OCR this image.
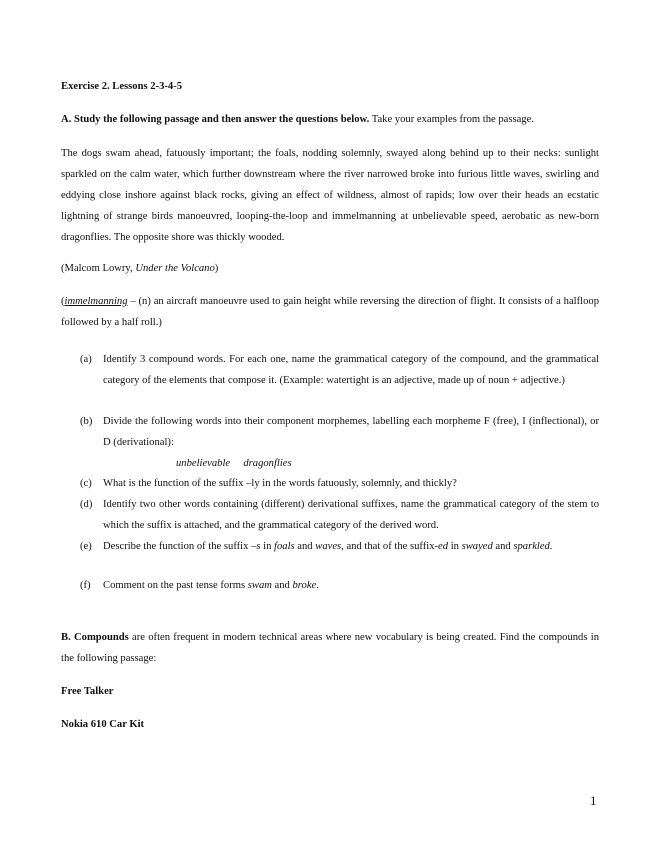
Exercise 2. Lessons 2-3-4-5

A. Study the following passage and then answer the questions below. Take your examples from the passage.

The dogs swam ahead, fatuously important; the foals, nodding solemnly, swayed along behind up to their necks: sunlight sparkled on the calm water, which further downstream where the river narrowed broke into furious little waves, swirling and eddying close inshore against black rocks, giving an effect of wildness, almost of rapids; low over their heads an ecstatic lightning of strange birds manoeuvred, looping-the-loop and immelmanning at unbelievable speed, aerobatic as new-born dragonflies. The opposite shore was thickly wooded.

(Malcom Lowry, Under the Volcano)

(immelmanning – (n) an aircraft manoeuvre used to gain height while reversing the direction of flight. It consists of a halfloop followed by a half roll.)

(a)	Identify 3 compound words. For each one, name the grammatical category of the compound, and the grammatical category of the elements that compose it. (Example: watertight is an adjective, made up of noun + adjective.)

(b)	Divide the following words into their component morphemes, labelling each morpheme F (free), I (inflectional), or D (derivational):

unbelievable dragonflies

(c)	What is the function of the suffix –ly in the words fatuously, solemnly, and thickly?

(d)	Identify two other words containing (different) derivational suffixes, name the grammatical category of the stem to which the suffix is attached, and the grammatical category of the derived word.

(e)	Describe the function of the suffix –s in foals and waves, and that of the suffix-ed in swayed and sparkled.

(f)	Comment on the past tense forms swam and broke.

B. Compounds are often frequent in modern technical areas where new vocabulary is being created. Find the compounds in the following passage:

Free Talker

Nokia 610 Car Kit

1
